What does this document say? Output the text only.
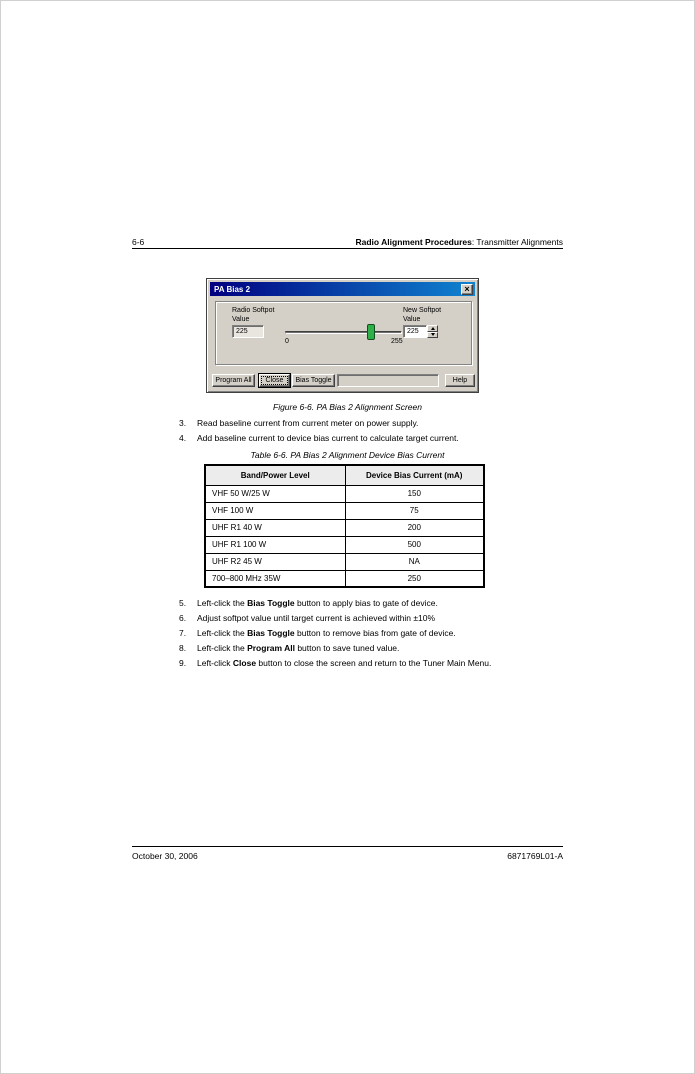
6-6	Radio Alignment Procedures: Transmitter Alignments
PA Bias 2	×
Radio Softpot
Value
225
0	255
New Softpot
Value
225
Program All	Close	Bias Toggle	Help
Figure 6-6. PA Bias 2 Alignment Screen
3.	Read baseline current from current meter on power supply.
4.	Add baseline current to device bias current to calculate target current.
Table 6-6. PA Bias 2 Alignment Device Bias Current
Band/Power Level	Device Bias Current (mA)
VHF 50 W/25 W	150
VHF 100 W	75
UHF R1 40 W	200
UHF R1 100 W	500
UHF R2 45 W	NA
700–800 MHz 35W	250
5.	Left-click the Bias Toggle button to apply bias to gate of device.
6.	Adjust softpot value until target current is achieved within ±10%
7.	Left-click the Bias Toggle button to remove bias from gate of device.
8.	Left-click the Program All button to save tuned value.
9.	Left-click Close button to close the screen and return to the Tuner Main Menu.
October 30, 2006	6871769L01-A
